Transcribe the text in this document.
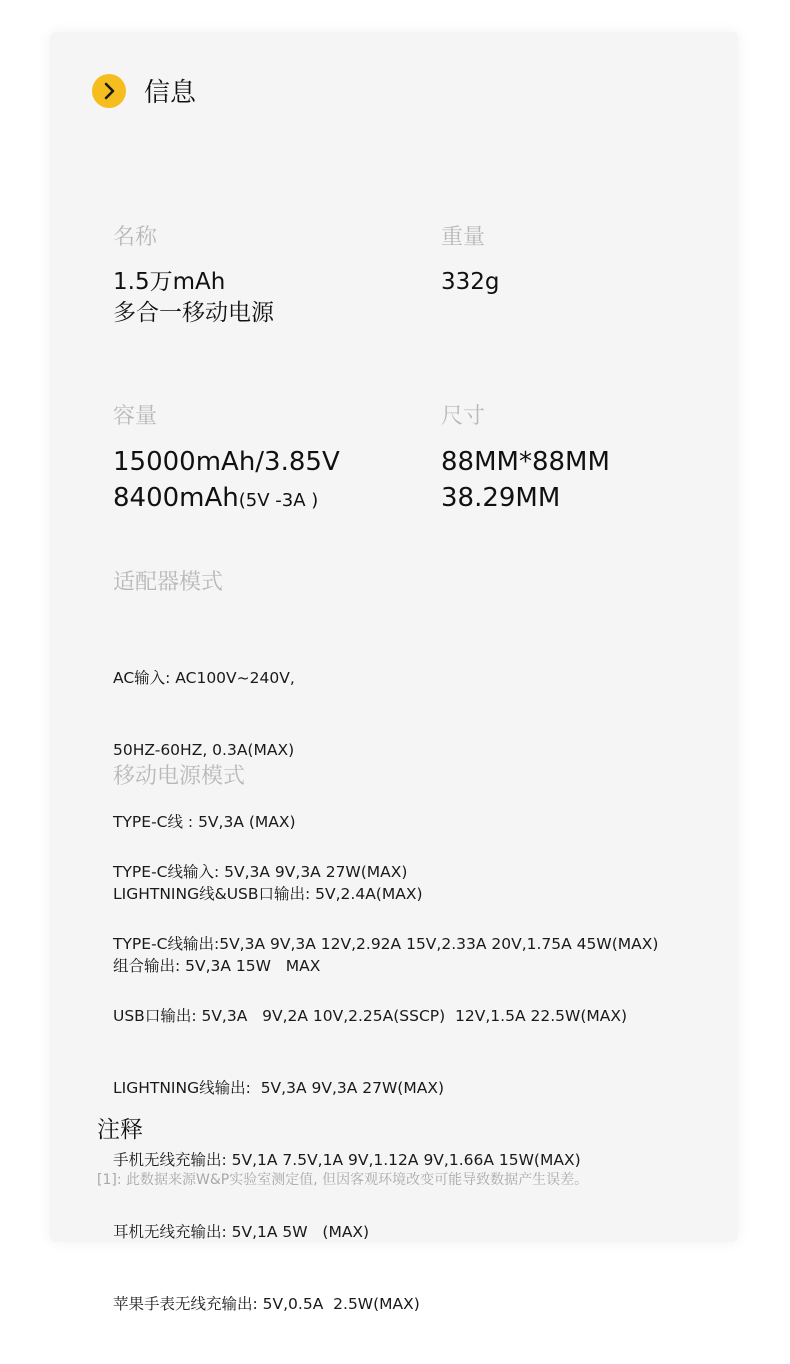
信息
名称
1.5万mAh
多合一移动电源
重量
332g
容量
15000mAh/3.85V
8400mAh(5V -3A )
尺寸
88MM*88MM
38.29MM
适配器模式

AC输入: AC100V~240V,

50HZ-60HZ, 0.3A(MAX)

TYPE-C线 : 5V,3A (MAX)

LIGHTNING线&USB口输出: 5V,2.4A(MAX)

组合输出: 5V,3A 15W   MAX

移动电源模式

TYPE-C线输入: 5V,3A 9V,3A 27W(MAX)

TYPE-C线输出:5V,3A 9V,3A 12V,2.92A 15V,2.33A 20V,1.75A 45W(MAX)

USB口输出: 5V,3A   9V,2A 10V,2.25A(SSCP)  12V,1.5A 22.5W(MAX)

LIGHTNING线输出:  5V,3A 9V,3A 27W(MAX)

手机无线充输出: 5V,1A 7.5V,1A 9V,1.12A 9V,1.66A 15W(MAX)

耳机无线充输出: 5V,1A 5W   (MAX)

苹果手表无线充输出: 5V,0.5A  2.5W(MAX)

注释
[1]: 此数据来源W&P实验室测定值, 但因客观环境改变可能导致数据产生误差。
